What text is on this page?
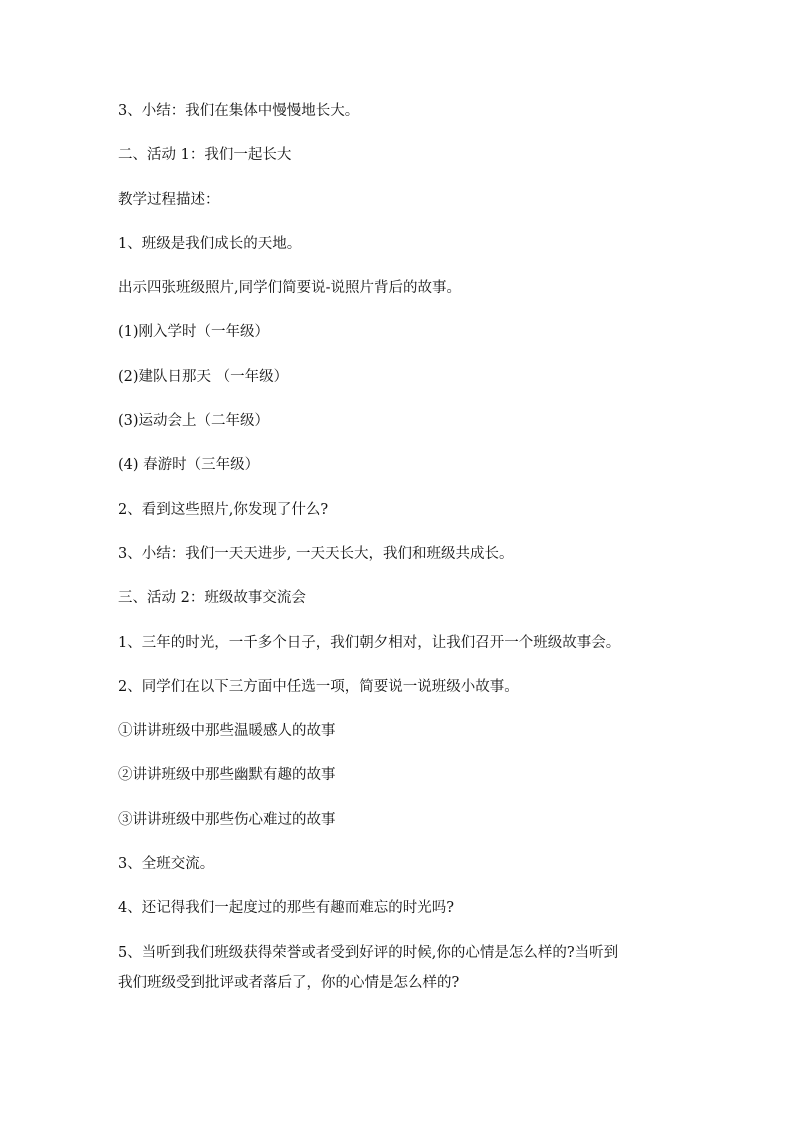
3、小结：我们在集体中慢慢地长大。
二、活动 1：我们一起长大
教学过程描述：
1、班级是我们成长的天地。
出示四张班级照片,同学们简要说-说照片背后的故事。
(1)刚入学时（一年级）
(2)建队日那天 （一年级）
(3)运动会上（二年级）
(4) 春游时（三年级）
2、看到这些照片,你发现了什么?
3、小结：我们一天天进步, 一天天长大，我们和班级共成长。
三、活动 2：班级故事交流会
1、三年的时光，一千多个日子，我们朝夕相对，让我们召开一个班级故事会。
2、同学们在以下三方面中任选一项，简要说一说班级小故事。
①讲讲班级中那些温暖感人的故事
②讲讲班级中那些幽默有趣的故事
③讲讲班级中那些伤心难过的故事
3、全班交流。
4、还记得我们一起度过的那些有趣而难忘的时光吗?
5、当听到我们班级获得荣誉或者受到好评的时候,你的心情是怎么样的?当听到
我们班级受到批评或者落后了，你的心情是怎么样的?
